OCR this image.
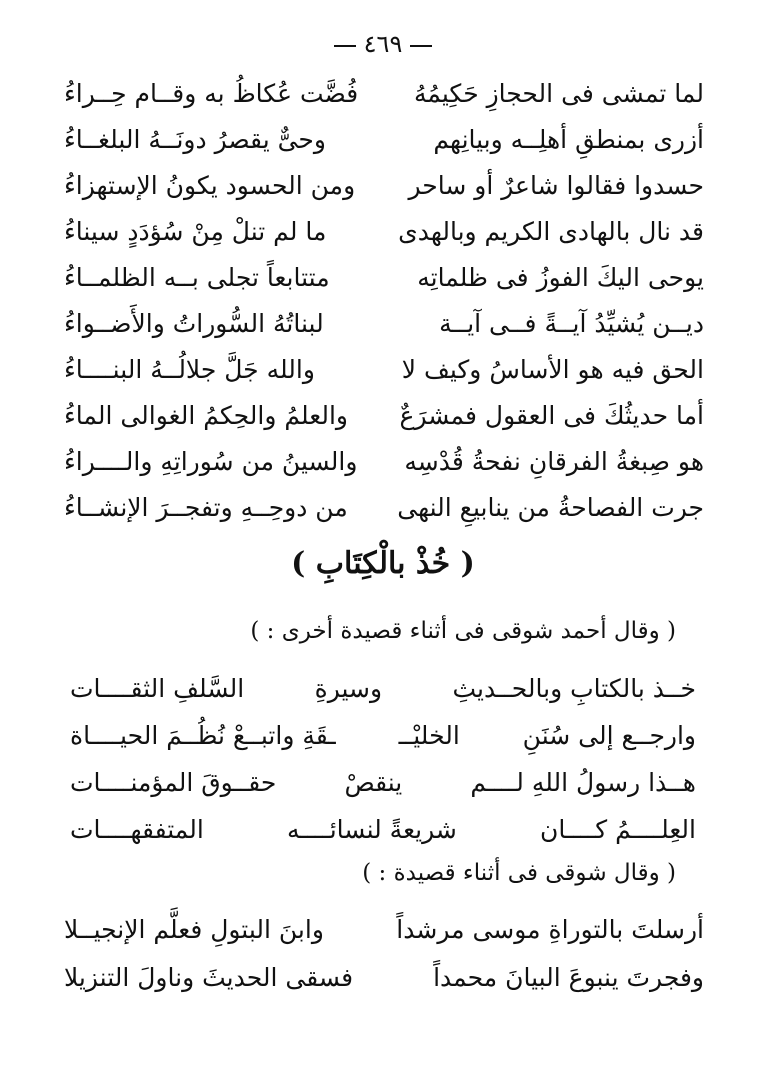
٤٦٩
لما تمشى فى الحجازِ حَكِيمُهُ
فُضَّت عُكاظُ به وقــام حِــراءُ
أزرى بمنطقِ أهلِــه وبيانِهم
وحىٌّ يقصرُ دونَــهُ البلغــاءُ
حسدوا فقالوا شاعرٌ أو ساحر
ومن الحسود يكونُ الإستهزاءُ
قد نال بالهادى الكريم وبالهدى
ما لم تنلْ مِنْ سُؤدَدٍ سيناءُ
يوحى اليكَ الفوزُ فى ظلماتِه
متتابعاً تجلى بــه الظلمــاءُ
ديــن يُشيِّدُ آيــةً فــى آيــة
لبناتُهُ السُّوراتُ والأَضــواءُ
الحق فيه هو الأساسُ وكيف لا
والله جَلَّ جلالُــهُ البنــــاءُ
أما حديثُكَ فى العقول فمشرَعٌ
والعلمُ والحِكمُ الغوالى الماءُ
هو صِبغةُ الفرقانِ نفحةُ قُدْسِه
والسينُ من سُوراتِهِ والــــراءُ
جرت الفصاحةُ من ينابيعِ النهى
من دوحِــهِ وتفجــرَ الإنشــاءُ
( خُذْ بالْكِتَابِ )
( وقال أحمد شوقى فى أثناء قصيدة أخرى : )
خــذ بالكتابِ وبالحــديثِ
وسيرةِ
السَّلفِ الثقــــات
وارجــع إلى سُنَنِ
الخليْــ
ـقَةِ واتبــعْ نُظُــمَ الحيــــاة
هــذا رسولُ اللهِ لــــم
ينقصْ
حقــوقَ المؤمنــــات
العِلــــمُ كــــان
شريعةً لنسائــــه
المتفقهــــات
( وقال شوقى فى أثناء قصيدة : )
أرسلتَ بالتوراةِ موسى مرشداً
وابنَ البتولِ فعلَّم الإنجيــلا
وفجرتَ ينبوعَ البيانَ محمداً
فسقى الحديثَ وناولَ التنزيلا
